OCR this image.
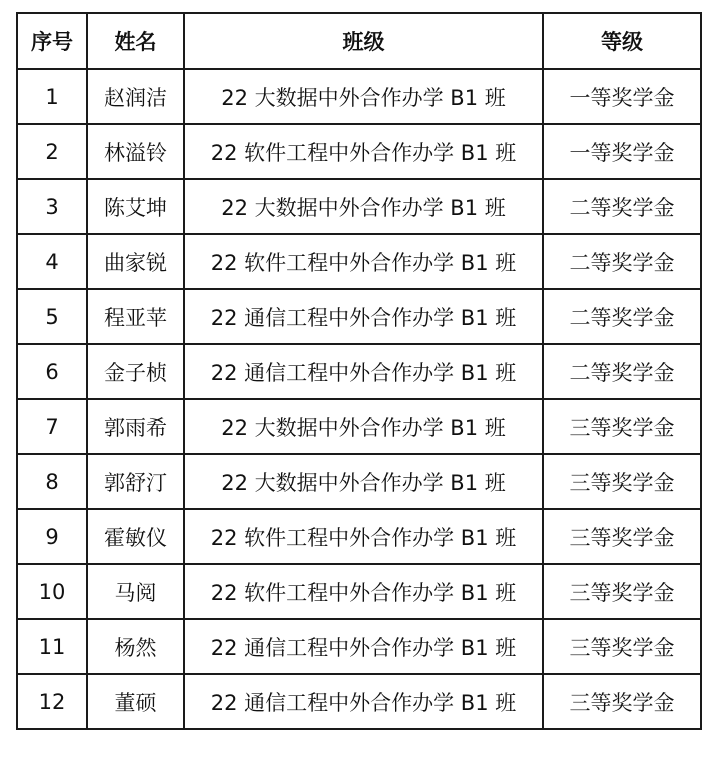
序号	姓名	班级	等级
1	赵润洁	22 大数据中外合作办学 B1 班	一等奖学金
2	林溢铃	22 软件工程中外合作办学 B1 班	一等奖学金
3	陈艾坤	22 大数据中外合作办学 B1 班	二等奖学金
4	曲家锐	22 软件工程中外合作办学 B1 班	二等奖学金
5	程亚苹	22 通信工程中外合作办学 B1 班	二等奖学金
6	金子桢	22 通信工程中外合作办学 B1 班	二等奖学金
7	郭雨希	22 大数据中外合作办学 B1 班	三等奖学金
8	郭舒汀	22 大数据中外合作办学 B1 班	三等奖学金
9	霍敏仪	22 软件工程中外合作办学 B1 班	三等奖学金
10	马阅	22 软件工程中外合作办学 B1 班	三等奖学金
11	杨然	22 通信工程中外合作办学 B1 班	三等奖学金
12	董硕	22 通信工程中外合作办学 B1 班	三等奖学金
